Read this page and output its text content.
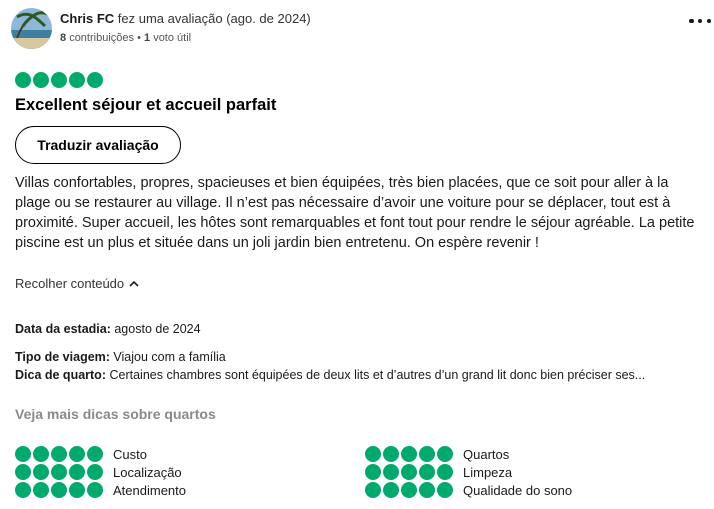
Chris FC fez uma avaliação (ago. de 2024)
8 contribuições • 1 voto útil
Excellent séjour et accueil parfait
Traduzir avaliação
Villas confortables, propres, spacieuses et bien équipées, très bien placées, que ce soit pour aller à la plage ou se restaurer au village. Il n’est pas nécessaire d’avoir une voiture pour se déplacer, tout est à proximité. Super accueil, les hôtes sont remarquables et font tout pour rendre le séjour agréable. La petite piscine est un plus et située dans un joli jardin bien entretenu. On espère revenir !
Recolher conteúdo
Data da estadia: agosto de 2024
Tipo de viagem: Viajou com a família
Dica de quarto: Certaines chambres sont équipées de deux lits et d’autres d’un grand lit donc bien préciser ses...
Veja mais dicas sobre quartos
Custo
Localização
Atendimento
Quartos
Limpeza
Qualidade do sono
